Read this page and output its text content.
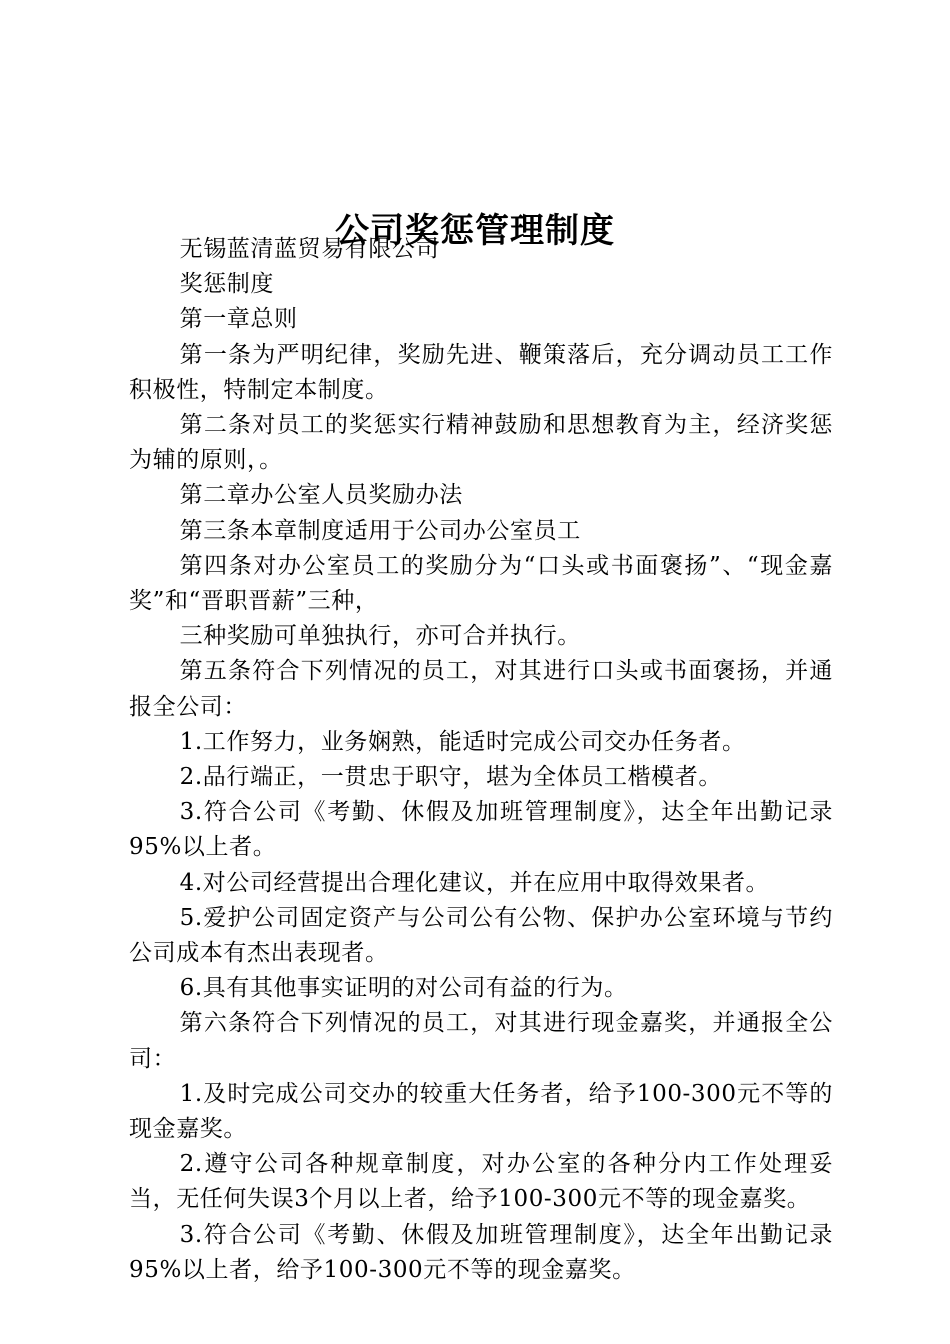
公司奖惩管理制度

无锡蓝清蓝贸易有限公司

奖惩制度

第一章总则

第一条为严明纪律，奖励先进、鞭策落后，充分调动员工工作积极性，特制定本制度。

第二条对员工的奖惩实行精神鼓励和思想教育为主，经济奖惩为辅的原则，。

第二章办公室人员奖励办法

第三条本章制度适用于公司办公室员工

第四条对办公室员工的奖励分为“口头或书面褒扬”、“现金嘉奖”和“晋职晋薪”三种，

三种奖励可单独执行，亦可合并执行。

第五条符合下列情况的员工，对其进行口头或书面褒扬，并通报全公司：

1.工作努力，业务娴熟，能适时完成公司交办任务者。

2.品行端正，一贯忠于职守，堪为全体员工楷模者。

3.符合公司《考勤、休假及加班管理制度》，达全年出勤记录95%以上者。

4.对公司经营提出合理化建议，并在应用中取得效果者。

5.爱护公司固定资产与公司公有公物、保护办公室环境与节约公司成本有杰出表现者。

6.具有其他事实证明的对公司有益的行为。

第六条符合下列情况的员工，对其进行现金嘉奖，并通报全公司：

1.及时完成公司交办的较重大任务者，给予100-300元不等的现金嘉奖。

2.遵守公司各种规章制度，对办公室的各种分内工作处理妥当，无任何失误3个月以上者，给予100-300元不等的现金嘉奖。

3.符合公司《考勤、休假及加班管理制度》，达全年出勤记录95%以上者，给予100-300元不等的现金嘉奖。
